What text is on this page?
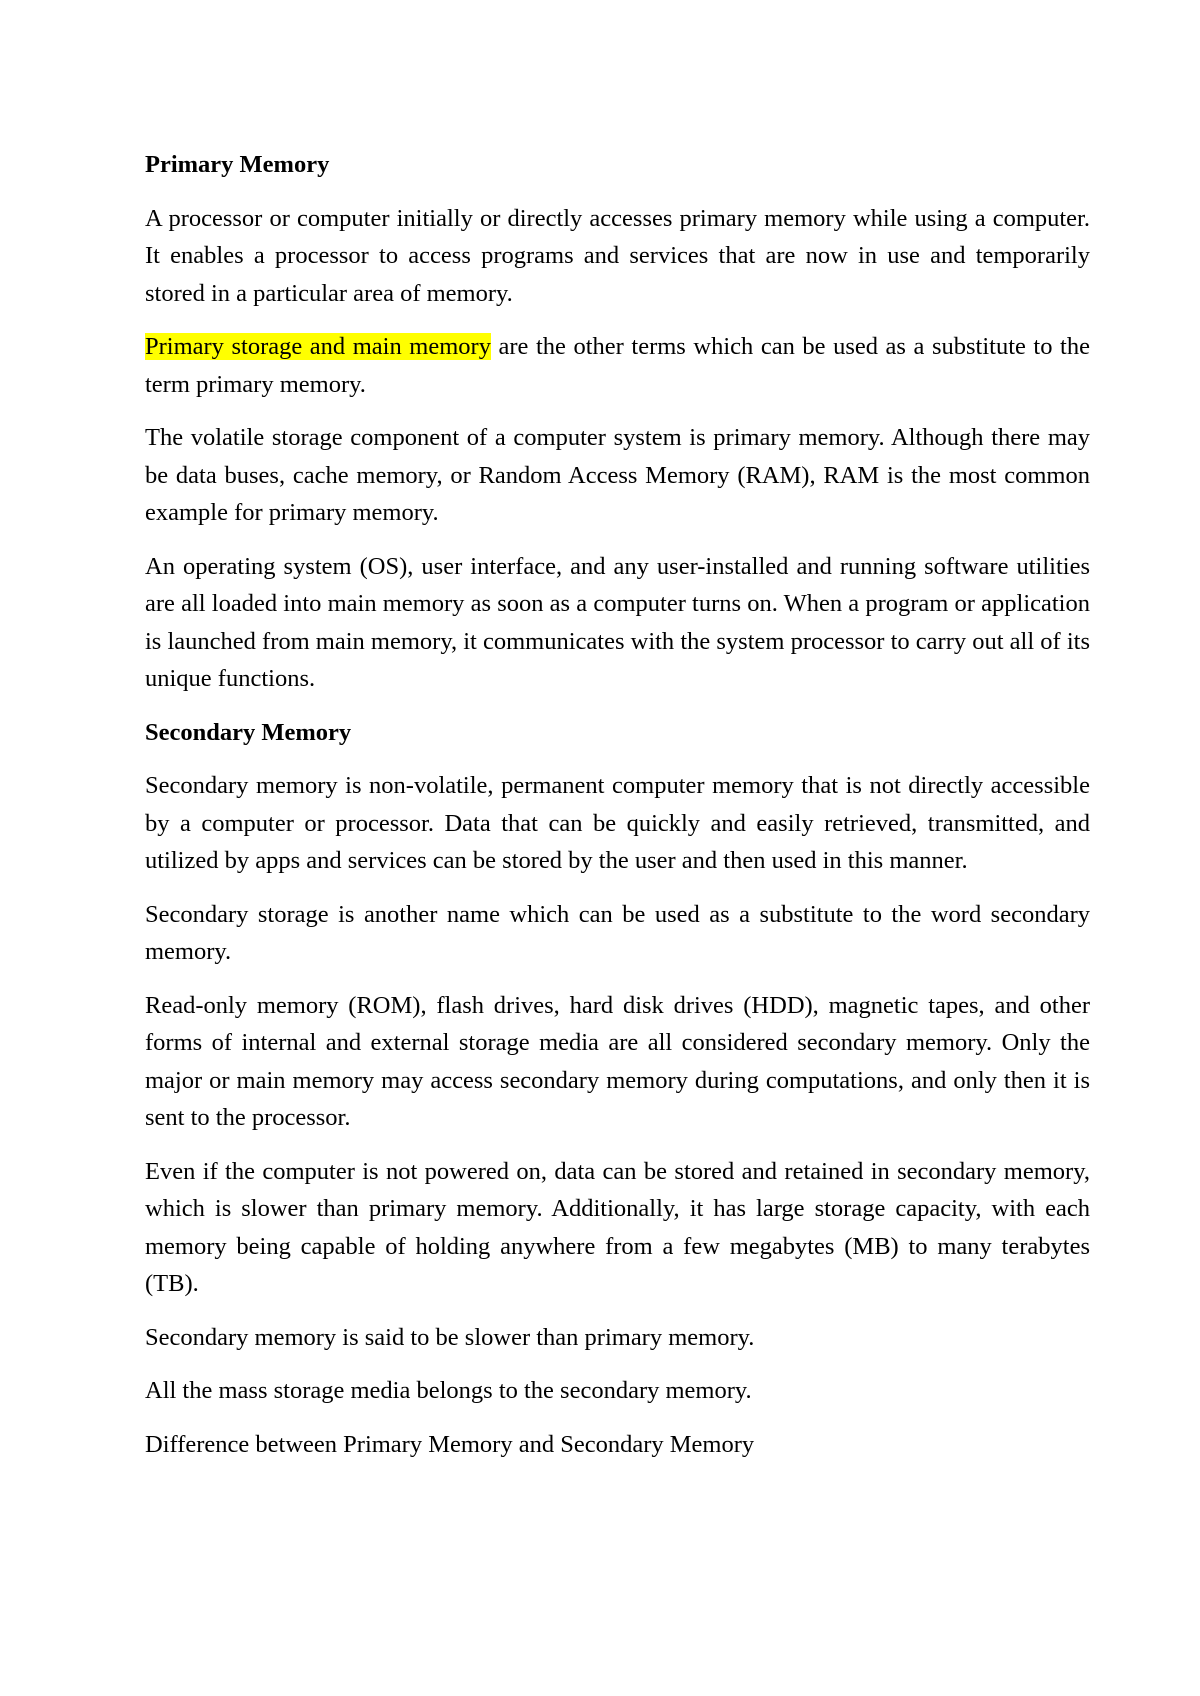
Primary Memory

A processor or computer initially or directly accesses primary memory while using a computer. It enables a processor to access programs and services that are now in use and temporarily stored in a particular area of memory.

Primary storage and main memory are the other terms which can be used as a substitute to the term primary memory.

The volatile storage component of a computer system is primary memory. Although there may be data buses, cache memory, or Random Access Memory (RAM), RAM is the most common example for primary memory.

An operating system (OS), user interface, and any user-installed and running software utilities are all loaded into main memory as soon as a computer turns on. When a program or application is launched from main memory, it communicates with the system processor to carry out all of its unique functions.

Secondary Memory

Secondary memory is non-volatile, permanent computer memory that is not directly accessible by a computer or processor. Data that can be quickly and easily retrieved, transmitted, and utilized by apps and services can be stored by the user and then used in this manner.

Secondary storage is another name which can be used as a substitute to the word secondary memory.

Read-only memory (ROM), flash drives, hard disk drives (HDD), magnetic tapes, and other forms of internal and external storage media are all considered secondary memory. Only the major or main memory may access secondary memory during computations, and only then it is sent to the processor.

Even if the computer is not powered on, data can be stored and retained in secondary memory, which is slower than primary memory. Additionally, it has large storage capacity, with each memory being capable of holding anywhere from a few megabytes (MB) to many terabytes (TB).

Secondary memory is said to be slower than primary memory.

All the mass storage media belongs to the secondary memory.

Difference between Primary Memory and Secondary Memory
